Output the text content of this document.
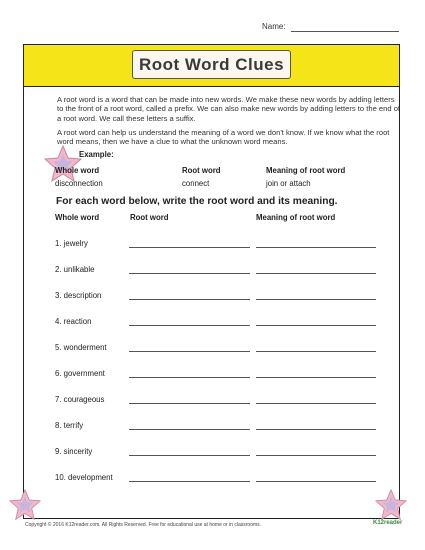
Name:
Root Word Clues
A root word is a word that can be made into new words. We make these new words by adding letters to the front of a root word, called a prefix. We can also make new words by adding letters to the end of a root word. We call these letters a suffix.
A root word can help us understand the meaning of a word we don't know. If we know what the root word means, then we have a clue to what the unknown word means.
Example:
Whole word	Root word	Meaning of root word
disconnection	connect	join or attach
For each word below, write the root word and its meaning.
Whole word	Root word	Meaning of root word
1. jewelry
2. unlikable
3. description
4. reaction
5. wonderment
6. government
7. courageous
8. terrify
9. sincerity
10. development
Copyright © 2016 K12reader.com. All Rights Reserved. Free for educational use at home or in classrooms.	K12reader
